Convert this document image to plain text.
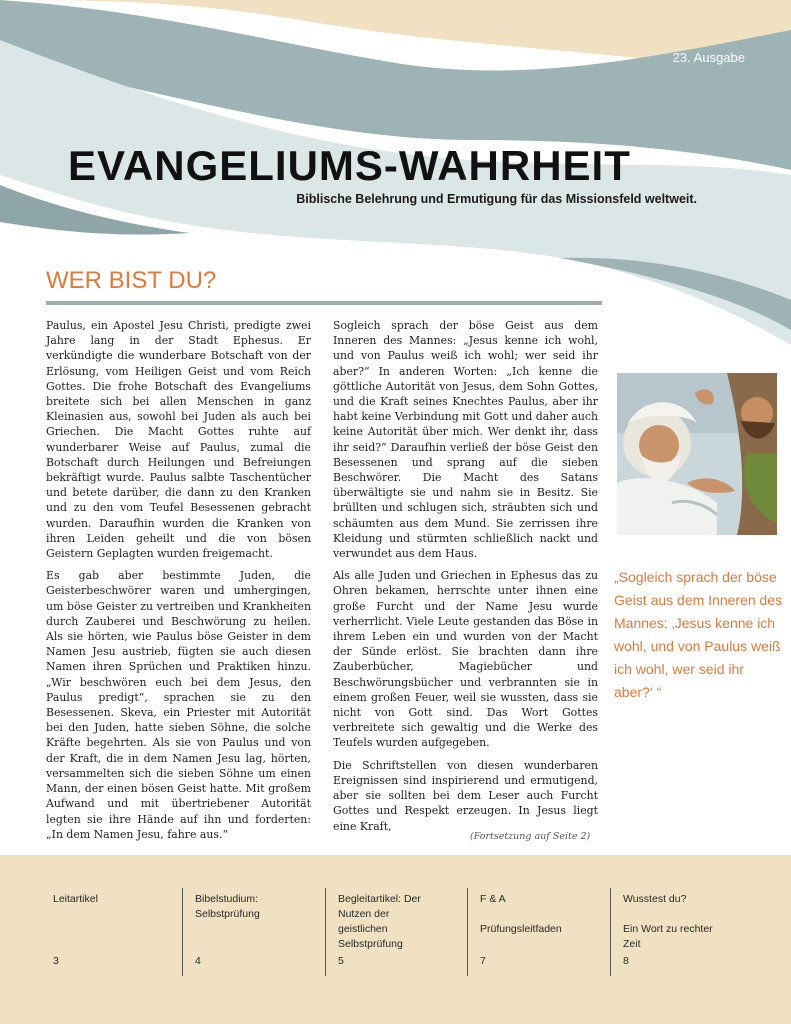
23. Ausgabe
EVANGELIUMS-WAHRHEIT
Biblische Belehrung und Ermutigung für das Missionsfeld weltweit.
WER BIST DU?

Paulus, ein Apostel Jesu Christi, predigte zwei Jahre lang in der Stadt Ephesus. Er verkündigte die wunderbare Botschaft von der Erlösung, vom Heiligen Geist und vom Reich Gottes. Die frohe Botschaft des Evangeliums breitete sich bei allen Menschen in ganz Kleinasien aus, sowohl bei Juden als auch bei Griechen. Die Macht Gottes ruhte auf wunderbarer Weise auf Paulus, zumal die Botschaft durch Heilungen und Befreiungen bekräftigt wurde. Paulus salbte Taschentücher und betete darüber, die dann zu den Kranken und zu den vom Teufel Besessenen gebracht wurden. Daraufhin wurden die Kranken von ihren Leiden geheilt und die von bösen Geistern Geplagten wurden freigemacht.

Es gab aber bestimmte Juden, die Geisterbeschwörer waren und umhergingen, um böse Geister zu vertreiben und Krankheiten durch Zauberei und Beschwörung zu heilen. Als sie hörten, wie Paulus böse Geister in dem Namen Jesu austrieb, fügten sie auch diesen Namen ihren Sprüchen und Praktiken hinzu. „Wir beschwören euch bei dem Jesus, den Paulus predigt“, sprachen sie zu den Besessenen. Skeva, ein Priester mit Autorität bei den Juden, hatte sieben Söhne, die solche Kräfte begehrten. Als sie von Paulus und von der Kraft, die in dem Namen Jesu lag, hörten, versammelten sich die sieben Söhne um einen Mann, der einen bösen Geist hatte. Mit großem Aufwand und mit übertriebener Autorität legten sie ihre Hände auf ihn und forderten: „In dem Namen Jesu, fahre aus.“

Sogleich sprach der böse Geist aus dem Inneren des Mannes: „Jesus kenne ich wohl, und von Paulus weiß ich wohl; wer seid ihr aber?“ In anderen Worten: „Ich kenne die göttliche Autorität von Jesus, dem Sohn Gottes, und die Kraft seines Knechtes Paulus, aber ihr habt keine Verbindung mit Gott und daher auch keine Autorität über mich. Wer denkt ihr, dass ihr seid?“ Daraufhin verließ der böse Geist den Besessenen und sprang auf die sieben Beschwörer. Die Macht des Satans überwältigte sie und nahm sie in Besitz. Sie brüllten und schlugen sich, sträubten sich und schäumten aus dem Mund. Sie zerrissen ihre Kleidung und stürmten schließlich nackt und verwundet aus dem Haus.

Als alle Juden und Griechen in Ephesus das zu Ohren bekamen, herrschte unter ihnen eine große Furcht und der Name Jesu wurde verherrlicht. Viele Leute gestanden das Böse in ihrem Leben ein und wurden von der Macht der Sünde erlöst. Sie brachten dann ihre Zauberbücher, Magiebücher und Beschwörungsbücher und verbrannten sie in einem großen Feuer, weil sie wussten, dass sie nicht von Gott sind. Das Wort Gottes verbreitete sich gewaltig und die Werke des Teufels wurden aufgegeben.

Die Schriftstellen von diesen wunderbaren Ereignissen sind inspirierend und ermutigend, aber sie sollten bei dem Leser auch Furcht Gottes und Respekt erzeugen. In Jesus liegt eine Kraft,

(Fortsetzung auf Seite 2)
„Sogleich sprach der böse Geist aus dem Inneren des Mannes: ‚Jesus kenne ich wohl, und von Paulus weiß ich wohl, wer seid ihr aber?‘ “
Leitartikel
3
Bibelstudium:
Selbstprüfung
4
Begleitartikel: Der Nutzen der geistlichen Selbstprüfung
5
F & A
Prüfungsleitfaden
7
Wusstest du?
Ein Wort zu rechter Zeit
8
